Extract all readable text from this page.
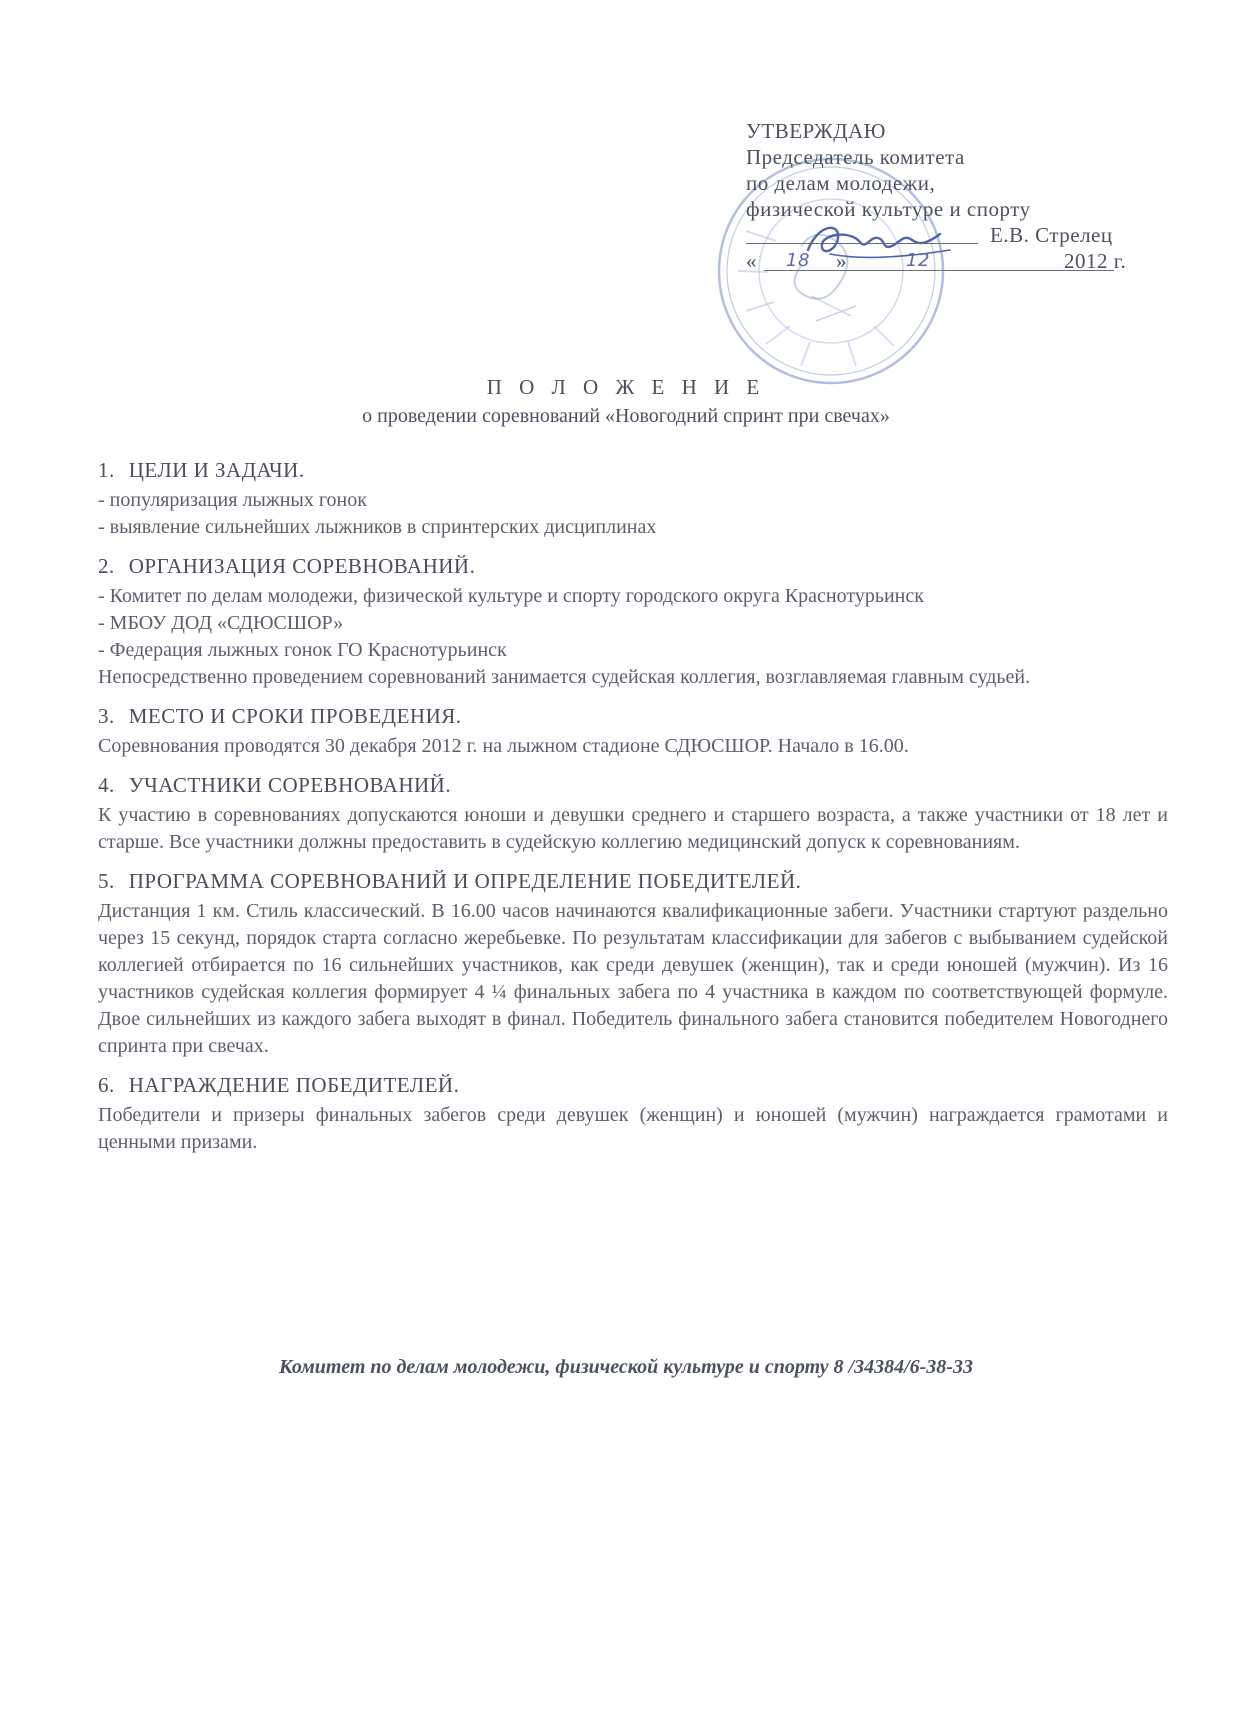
УТВЕРЖДАЮ
Председатель комитета
по делам молодежи,
физической культуре и спорту
Е.В. Стрелец
« 18 »	12	2012 г.
П О Л О Ж Е Н И Е
о проведении соревнований «Новогодний спринт при свечах»
1. ЦЕЛИ И ЗАДАЧИ.
- популяризация лыжных гонок
- выявление сильнейших лыжников в спринтерских дисциплинах
2. ОРГАНИЗАЦИЯ СОРЕВНОВАНИЙ.
- Комитет по делам молодежи, физической культуре и спорту городского округа Краснотурьинск
- МБОУ ДОД «СДЮСШОР»
- Федерация лыжных гонок ГО Краснотурьинск

Непосредственно проведением соревнований занимается судейская коллегия, возглавляемая главным судьей.

3. МЕСТО И СРОКИ ПРОВЕДЕНИЯ.

Соревнования проводятся 30 декабря 2012 г. на лыжном стадионе СДЮСШОР. Начало в 16.00.

4. УЧАСТНИКИ СОРЕВНОВАНИЙ.

К участию в соревнованиях допускаются юноши и девушки среднего и старшего возраста, а также участники от 18 лет и старше. Все участники должны предоставить в судейскую коллегию медицинский допуск к соревнованиям.

5. ПРОГРАММА СОРЕВНОВАНИЙ И ОПРЕДЕЛЕНИЕ ПОБЕДИТЕЛЕЙ.

Дистанция 1 км. Стиль классический. В 16.00 часов начинаются квалификационные забеги. Участники стартуют раздельно через 15 секунд, порядок старта согласно жеребьевке. По результатам классификации для забегов с выбыванием судейской коллегией отбирается по 16 сильнейших участников, как среди девушек (женщин), так и среди юношей (мужчин). Из 16 участников судейская коллегия формирует 4 ¼ финальных забега по 4 участника в каждом по соответствующей формуле. Двое сильнейших из каждого забега выходят в финал. Победитель финального забега становится победителем Новогоднего спринта при свечах.

6. НАГРАЖДЕНИЕ ПОБЕДИТЕЛЕЙ.

Победители и призеры финальных забегов среди девушек (женщин) и юношей (мужчин) награждается грамотами и ценными призами.

Комитет по делам молодежи, физической культуре и спорту 8 /34384/6-38-33
